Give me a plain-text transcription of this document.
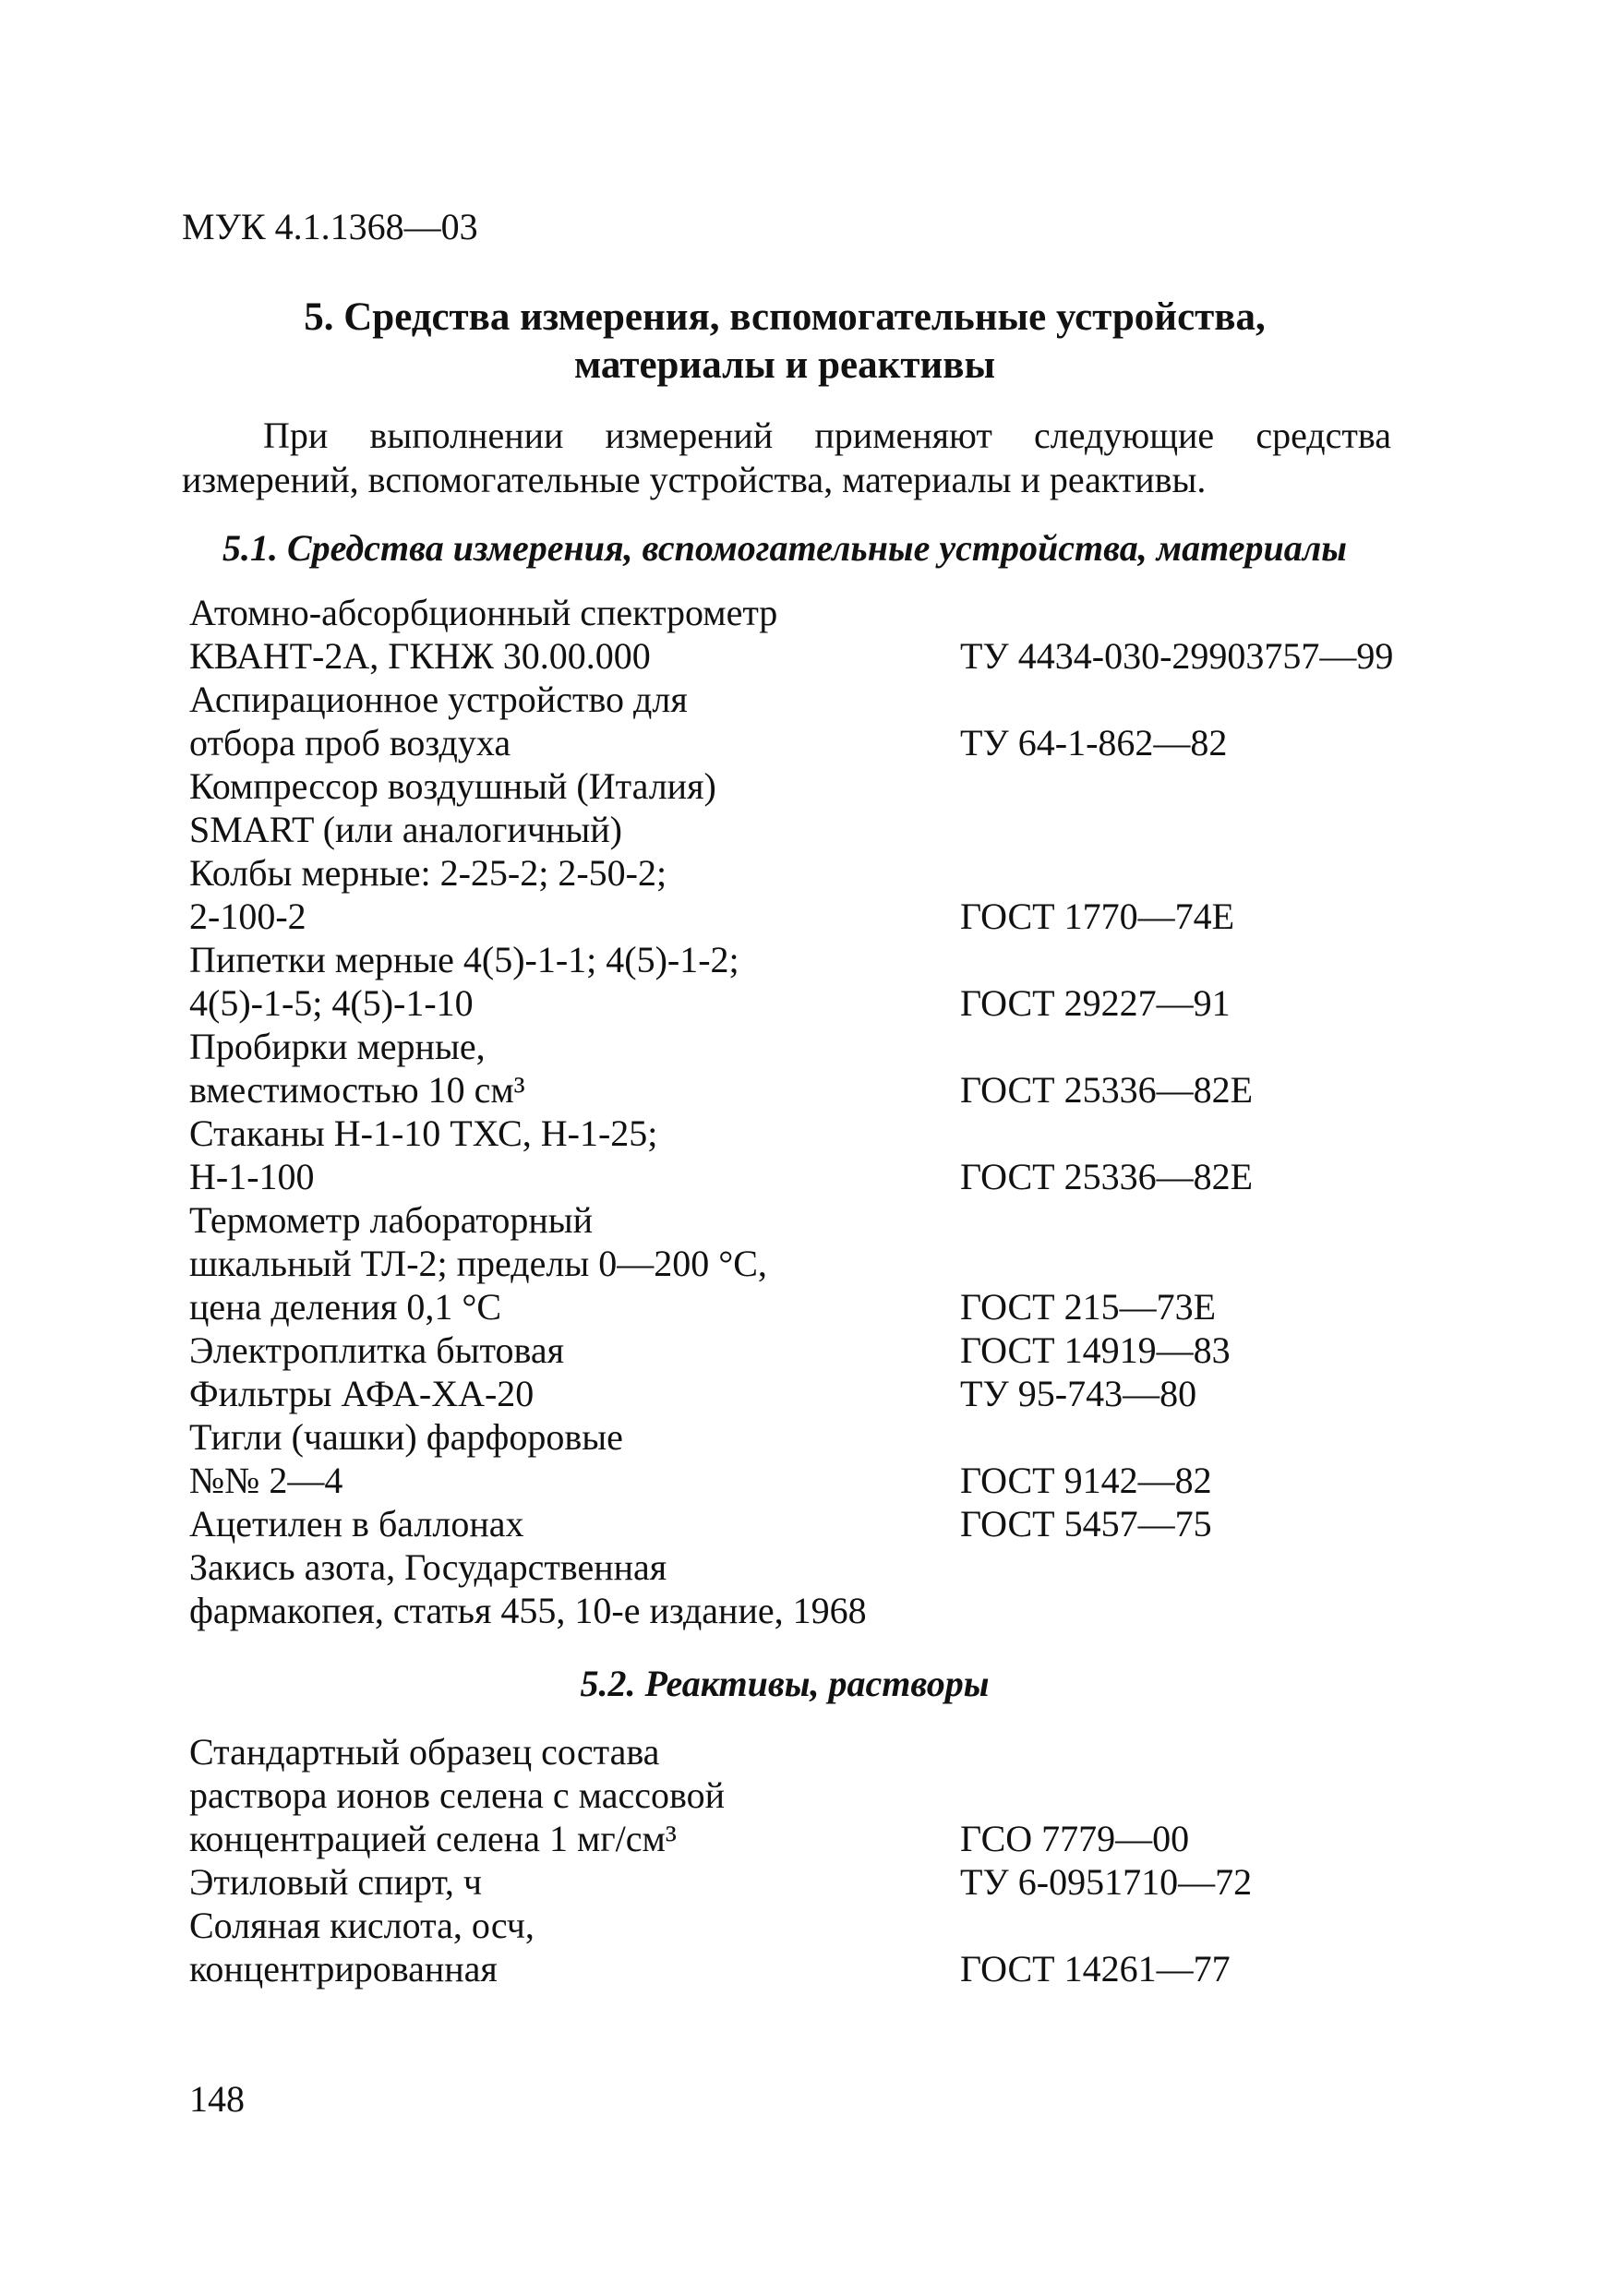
МУК 4.1.1368—03
5. Средства измерения, вспомогательные устройства,
материалы и реактивы
При выполнении измерений применяют следующие средства измерений, вспомогательные устройства, материалы и реактивы.
5.1. Средства измерения, вспомогательные устройства, материалы
Атомно-абсорбционный спектрометр
КВАНТ-2А, ГКНЖ 30.00.000	ТУ 4434-030-29903757—99
Аспирационное устройство для
отбора проб воздуха	ТУ 64-1-862—82
Компрессор воздушный (Италия)
SMART (или аналогичный)
Колбы мерные: 2-25-2; 2-50-2;
2-100-2	ГОСТ 1770—74Е
Пипетки мерные 4(5)-1-1; 4(5)-1-2;
4(5)-1-5; 4(5)-1-10	ГОСТ 29227—91
Пробирки мерные,
вместимостью 10 см³	ГОСТ 25336—82Е
Стаканы Н-1-10 ТХС, Н-1-25;
Н-1-100	ГОСТ 25336—82Е
Термометр лабораторный
шкальный ТЛ-2; пределы 0—200 °С,
цена деления 0,1 °С	ГОСТ 215—73Е
Электроплитка бытовая	ГОСТ 14919—83
Фильтры АФА-ХА-20	ТУ 95-743—80
Тигли (чашки) фарфоровые
№№ 2—4	ГОСТ 9142—82
Ацетилен в баллонах	ГОСТ 5457—75
Закись азота, Государственная
фармакопея, статья 455, 10-е издание, 1968
5.2. Реактивы, растворы
Стандартный образец состава
раствора ионов селена с массовой
концентрацией селена 1 мг/см³	ГСО 7779—00
Этиловый спирт, ч	ТУ 6-0951710—72
Соляная кислота, осч,
концентрированная	ГОСТ 14261—77
148
